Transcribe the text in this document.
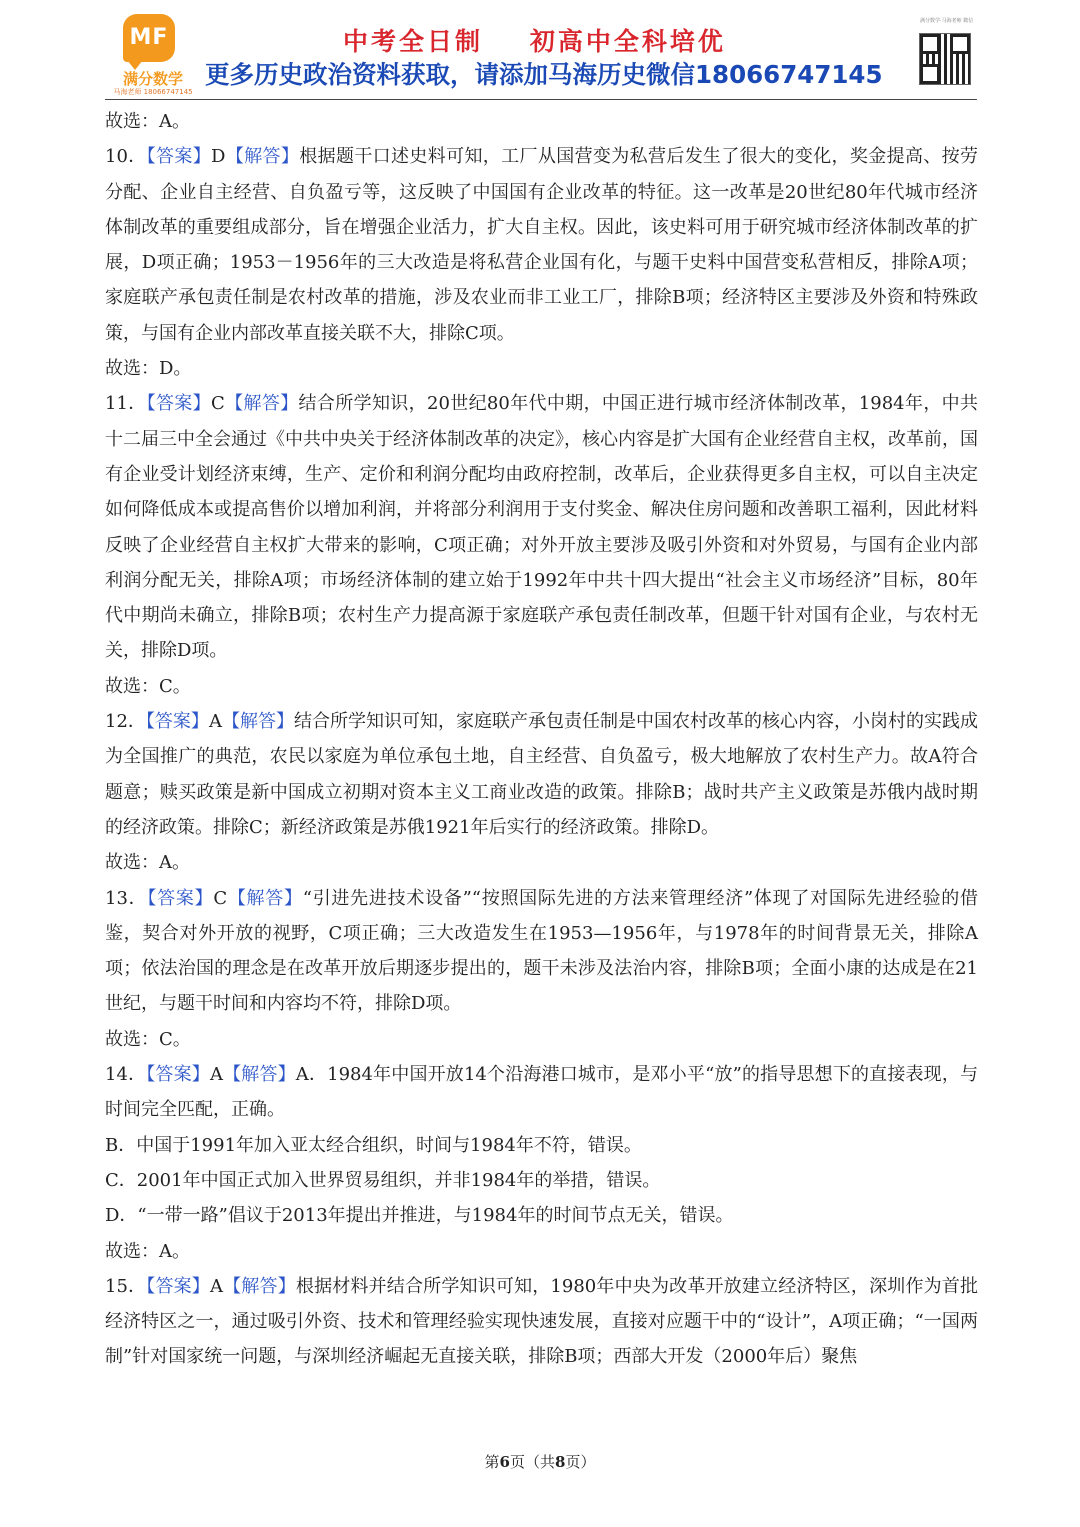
MF
满分数学
马海老师 18066747145
中考全日制    初高中全科培优
更多历史政治资料获取，请添加马海历史微信18066747145
满分数学·马海老师 微信

故选：A。

10．【答案】D【解答】根据题干口述史料可知，工厂从国营变为私营后发生了很大的变化，奖金提高、按劳分配、企业自主经营、自负盈亏等，这反映了中国国有企业改革的特征。这一改革是20世纪80年代城市经济体制改革的重要组成部分，旨在增强企业活力，扩大自主权。因此，该史料可用于研究城市经济体制改革的扩展，D项正确；1953－1956年的三大改造是将私营企业国有化，与题干史料中国营变私营相反，排除A项；家庭联产承包责任制是农村改革的措施，涉及农业而非工业工厂，排除B项；经济特区主要涉及外资和特殊政策，与国有企业内部改革直接关联不大，排除C项。

故选：D。

11．【答案】C【解答】结合所学知识，20世纪80年代中期，中国正进行城市经济体制改革，1984年，中共十二届三中全会通过《中共中央关于经济体制改革的决定》，核心内容是扩大国有企业经营自主权，改革前，国有企业受计划经济束缚，生产、定价和利润分配均由政府控制，改革后，企业获得更多自主权，可以自主决定如何降低成本或提高售价以增加利润，并将部分利润用于支付奖金、解决住房问题和改善职工福利，因此材料反映了企业经营自主权扩大带来的影响，C项正确；对外开放主要涉及吸引外资和对外贸易，与国有企业内部利润分配无关，排除A项；市场经济体制的建立始于1992年中共十四大提出“社会主义市场经济”目标，80年代中期尚未确立，排除B项；农村生产力提高源于家庭联产承包责任制改革，但题干针对国有企业，与农村无关，排除D项。

故选：C。

12．【答案】A【解答】结合所学知识可知，家庭联产承包责任制是中国农村改革的核心内容，小岗村的实践成为全国推广的典范，农民以家庭为单位承包土地，自主经营、自负盈亏，极大地解放了农村生产力。故A符合题意；赎买政策是新中国成立初期对资本主义工商业改造的政策。排除B；战时共产主义政策是苏俄内战时期的经济政策。排除C；新经济政策是苏俄1921年后实行的经济政策。排除D。

故选：A。

13．【答案】C【解答】“引进先进技术设备”“按照国际先进的方法来管理经济”体现了对国际先进经验的借鉴，契合对外开放的视野，C项正确；三大改造发生在1953—1956年，与1978年的时间背景无关，排除A项；依法治国的理念是在改革开放后期逐步提出的，题干未涉及法治内容，排除B项；全面小康的达成是在21世纪，与题干时间和内容均不符，排除D项。

故选：C。

14．【答案】A【解答】A．1984年中国开放14个沿海港口城市，是邓小平“放”的指导思想下的直接表现，与时间完全匹配，正确。

B．中国于1991年加入亚太经合组织，时间与1984年不符，错误。

C．2001年中国正式加入世界贸易组织，并非1984年的举措，错误。

D．“一带一路”倡议于2013年提出并推进，与1984年的时间节点无关，错误。

故选：A。

15．【答案】A【解答】根据材料并结合所学知识可知，1980年中央为改革开放建立经济特区，深圳作为首批经济特区之一，通过吸引外资、技术和管理经验实现快速发展，直接对应题干中的“设计”，A项正确；“一国两制”针对国家统一问题，与深圳经济崛起无直接关联，排除B项；西部大开发（2000年后）聚焦

第6页（共8页）
